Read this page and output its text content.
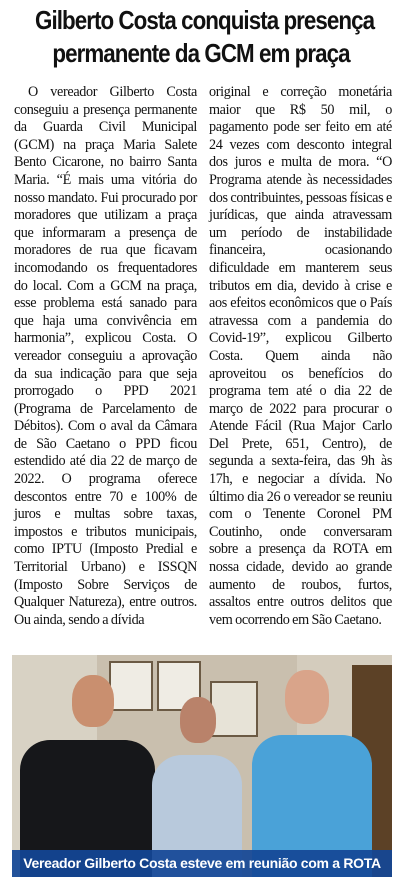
Gilberto Costa conquista presença
permanente da GCM em praça

O vereador Gilberto Costa conseguiu a presença permanente da Guarda Civil Municipal (GCM) na praça Maria Salete Bento Cicarone, no bairro Santa Maria. “É mais uma vitória do nosso mandato. Fui procurado por moradores que utilizam a praça que informaram a presença de moradores de rua que ficavam incomodando os frequentadores do local. Com a GCM na praça, esse problema está sanado para que haja uma convivência em harmonia”, explicou Costa. O vereador conseguiu a aprovação da sua indicação para que seja prorrogado o PPD 2021 (Programa de Parcelamento de Débitos). Com o aval da Câmara de São Caetano o PPD ficou estendido até dia 22 de março de 2022. O programa oferece descontos entre 70 e 100% de juros e multas sobre taxas, impostos e tributos municipais, como IPTU (Imposto Predial e Territorial Urbano) e ISSQN (Imposto Sobre Serviços de Qualquer Natureza), entre outros. Ou ainda, sendo a dívida

original e correção monetária maior que R$ 50 mil, o pagamento pode ser feito em até 24 vezes com desconto integral dos juros e multa de mora. “O Programa atende às necessidades dos contribuintes, pessoas físicas e jurídicas, que ainda atravessam um período de instabilidade financeira, ocasionando dificuldade em manterem seus tributos em dia, devido à crise e aos efeitos econômicos que o País atravessa com a pandemia do Covid-19”, explicou Gilberto Costa. Quem ainda não aproveitou os benefícios do programa tem até o dia 22 de março de 2022 para procurar o Atende Fácil (Rua Major Carlo Del Prete, 651, Centro), de segunda a sexta-feira, das 9h às 17h, e negociar a dívida. No último dia 26 o vereador se reuniu com o Tenente Coronel PM Coutinho, onde conversaram sobre a presença da ROTA em nossa cidade, devido ao grande aumento de roubos, furtos, assaltos entre outros delitos que vem ocorrendo em São Caetano.

Vereador Gilberto Costa esteve em reunião com a ROTA
